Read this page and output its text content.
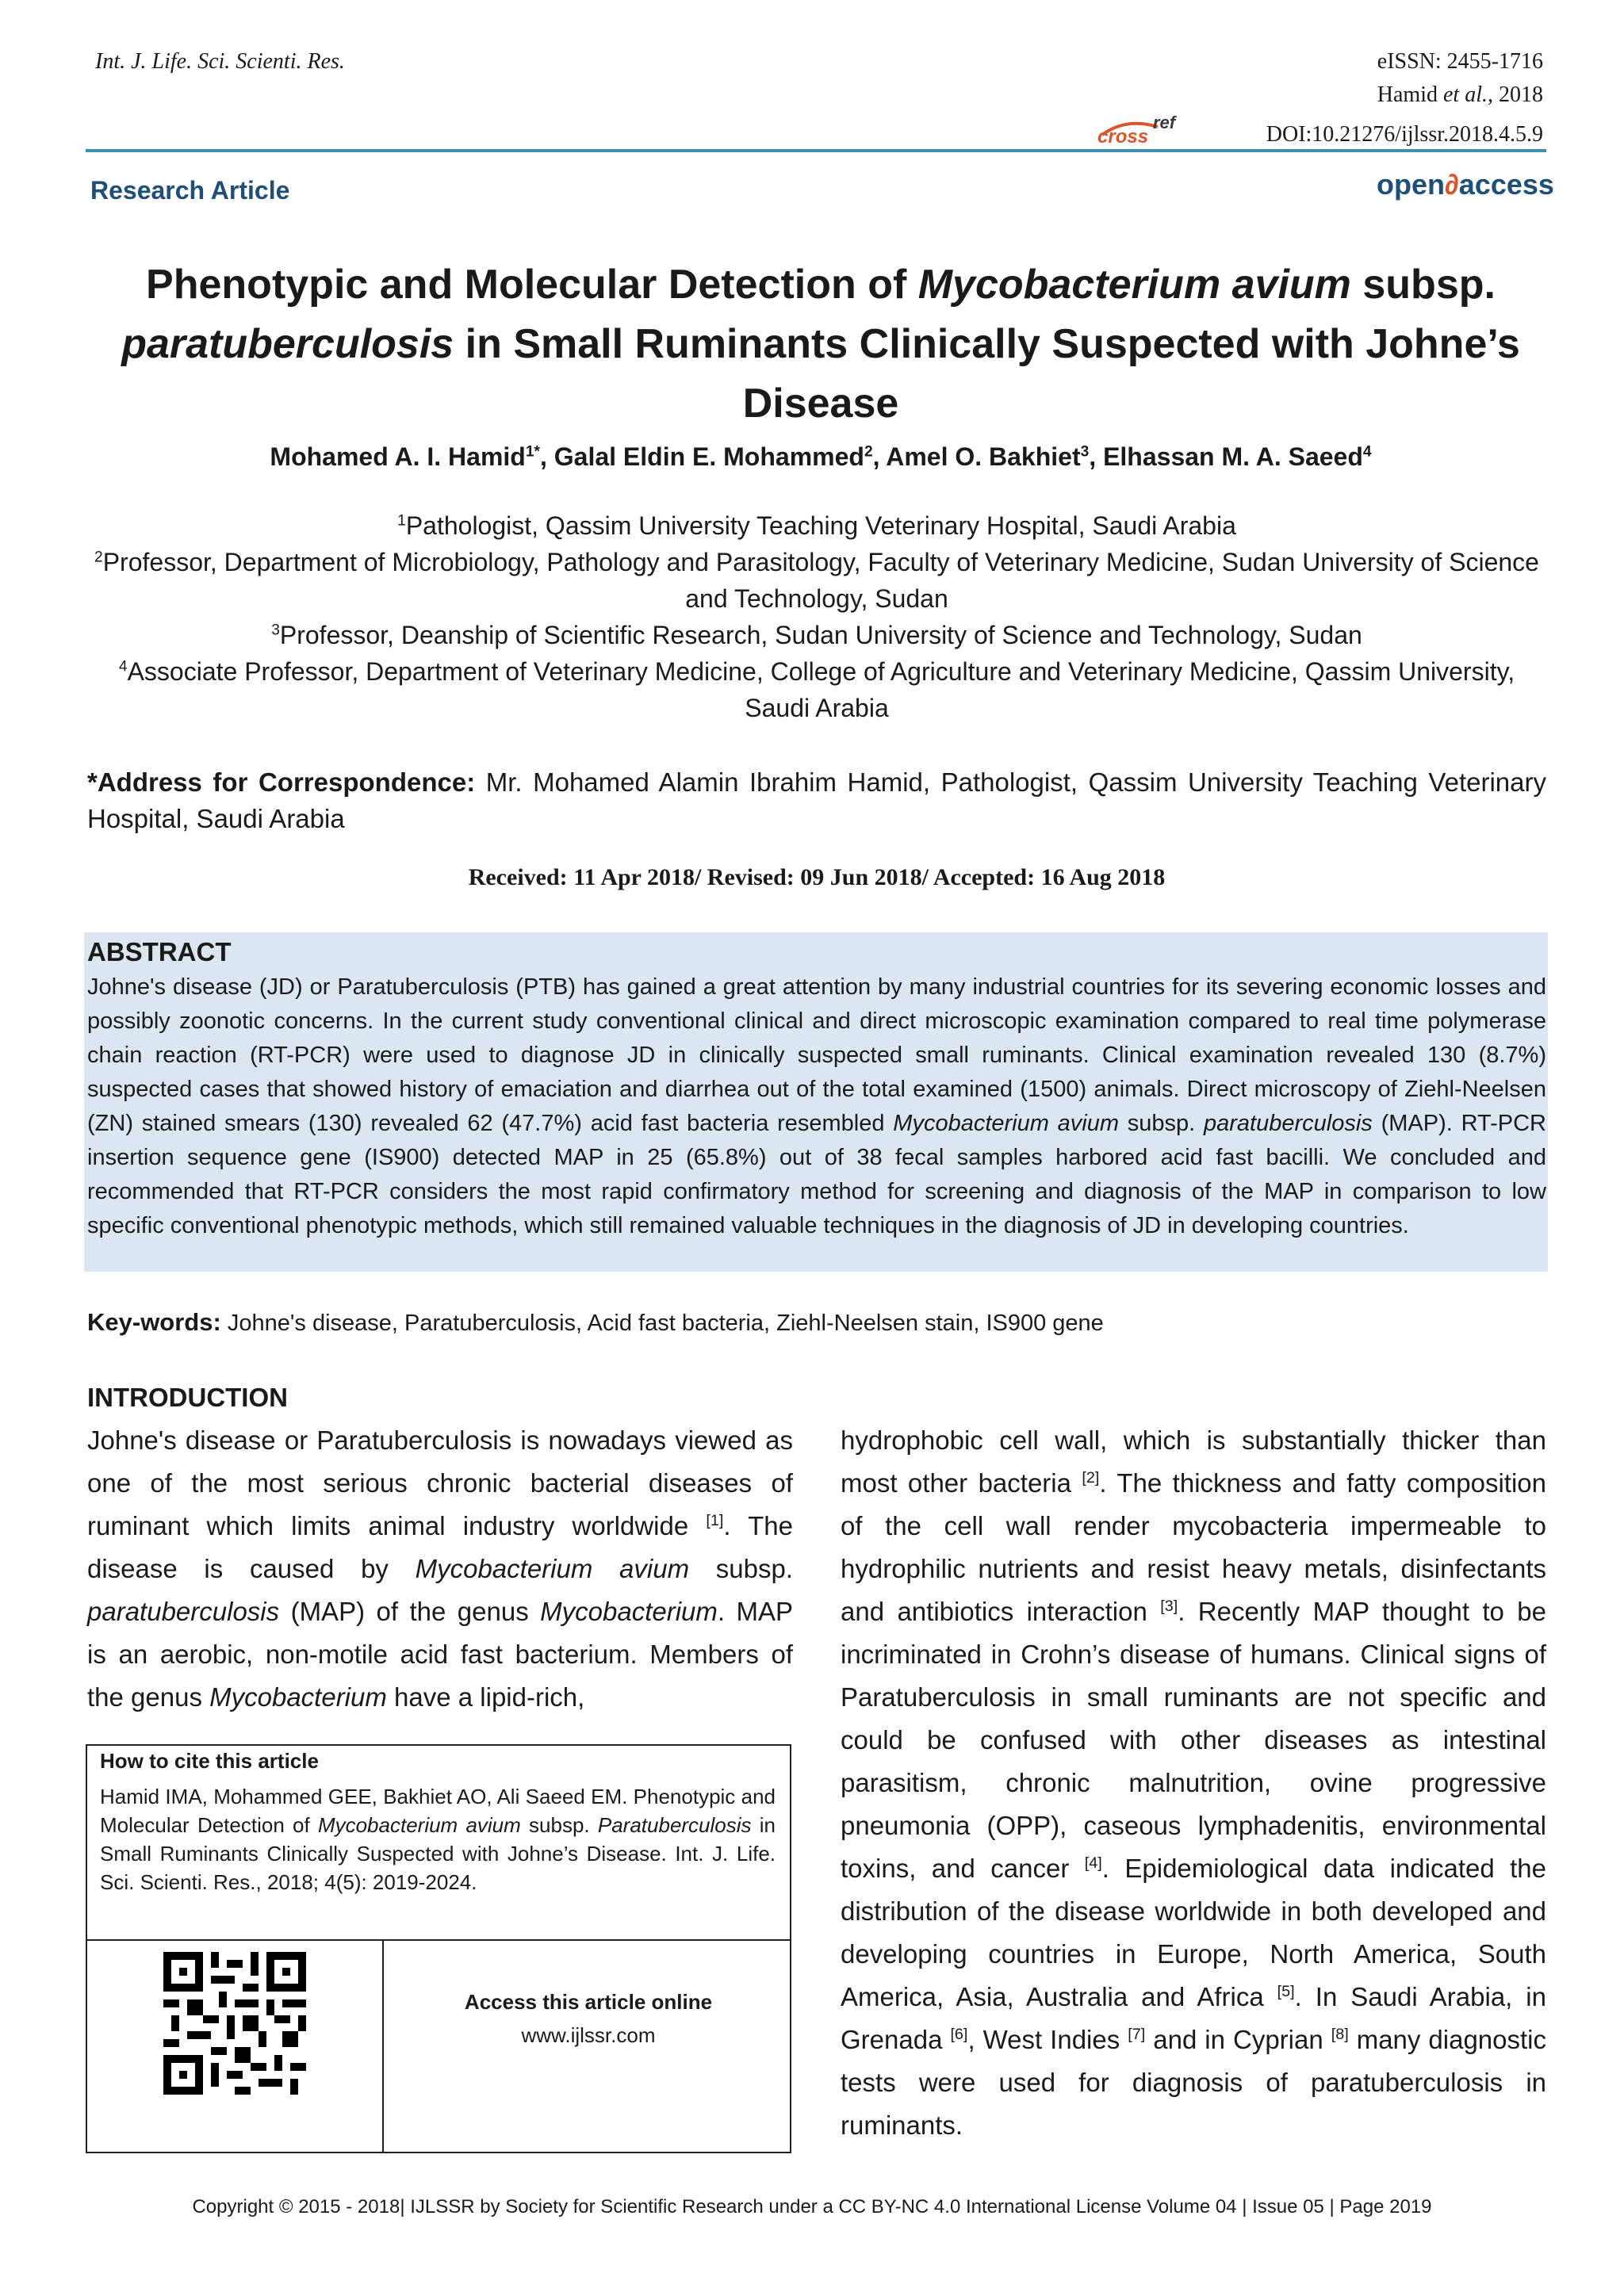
Int. J. Life. Sci. Scienti. Res.	eISSN: 2455-1716
Hamid et al., 2018
cross
ref	DOI:10.21276/ijlssr.2018.4.5.9
Research Article	open∂access
Phenotypic and Molecular Detection of Mycobacterium avium subsp. paratuberculosis in Small Ruminants Clinically Suspected with Johne’s Disease
Mohamed A. I. Hamid$^{1*}$, Galal Eldin E. Mohammed$^2$, Amel O. Bakhiet$^3$, Elhassan M. A. Saeed$^4$
$^1$Pathologist, Qassim University Teaching Veterinary Hospital, Saudi Arabia
$^2$Professor, Department of Microbiology, Pathology and Parasitology, Faculty of Veterinary Medicine, Sudan University of Science and Technology, Sudan
$^3$Professor, Deanship of Scientific Research, Sudan University of Science and Technology, Sudan
$^4$Associate Professor, Department of Veterinary Medicine, College of Agriculture and Veterinary Medicine, Qassim University, Saudi Arabia
*Address for Correspondence: Mr. Mohamed Alamin Ibrahim Hamid, Pathologist, Qassim University Teaching Veterinary Hospital, Saudi Arabia
Received: 11 Apr 2018/ Revised: 09 Jun 2018/ Accepted: 16 Aug 2018
ABSTRACT
Johne's disease (JD) or Paratuberculosis (PTB) has gained a great attention by many industrial countries for its severing economic losses and possibly zoonotic concerns. In the current study conventional clinical and direct microscopic examination compared to real time polymerase chain reaction (RT-PCR) were used to diagnose JD in clinically suspected small ruminants. Clinical examination revealed 130 (8.7%) suspected cases that showed history of emaciation and diarrhea out of the total examined (1500) animals. Direct microscopy of Ziehl-Neelsen (ZN) stained smears (130) revealed 62 (47.7%) acid fast bacteria resembled Mycobacterium avium subsp. paratuberculosis (MAP). RT-PCR insertion sequence gene (IS900) detected MAP in 25 (65.8%) out of 38 fecal samples harbored acid fast bacilli. We concluded and recommended that RT-PCR considers the most rapid confirmatory method for screening and diagnosis of the MAP in comparison to low specific conventional phenotypic methods, which still remained valuable techniques in the diagnosis of JD in developing countries.
Key-words: Johne's disease, Paratuberculosis, Acid fast bacteria, Ziehl-Neelsen stain, IS900 gene
INTRODUCTION
Johne's disease or Paratuberculosis is nowadays viewed as one of the most serious chronic bacterial diseases of ruminant which limits animal industry worldwide [1]. The disease is caused by Mycobacterium avium subsp. paratuberculosis (MAP) of the genus Mycobacterium. MAP is an aerobic, non-motile acid fast bacterium. Members of the genus Mycobacterium have a lipid-rich,
hydrophobic cell wall, which is substantially thicker than most other bacteria [2]. The thickness and fatty composition of the cell wall render mycobacteria impermeable to hydrophilic nutrients and resist heavy metals, disinfectants and antibiotics interaction [3]. Recently MAP thought to be incriminated in Crohn’s disease of humans. Clinical signs of Paratuberculosis in small ruminants are not specific and could be confused with other diseases as intestinal parasitism, chronic malnutrition, ovine progressive pneumonia (OPP), caseous lymphadenitis, environmental toxins, and cancer [4]. Epidemiological data indicated the distribution of the disease worldwide in both developed and developing countries in Europe, North America, South America, Asia, Australia and Africa [5]. In Saudi Arabia, in Grenada [6], West Indies [7] and in Cyprian [8] many diagnostic tests were used for diagnosis of paratuberculosis in ruminants.
How to cite this article
Hamid IMA, Mohammed GEE, Bakhiet AO, Ali Saeed EM. Phenotypic and Molecular Detection of Mycobacterium avium subsp. Paratuberculosis in Small Ruminants Clinically Suspected with Johne’s Disease. Int. J. Life. Sci. Scienti. Res., 2018; 4(5): 2019-2024.
Access this article online
www.ijlssr.com
Copyright © 2015 - 2018| IJLSSR by Society for Scientific Research under a CC BY-NC 4.0 International License Volume 04 | Issue 05 | Page 2019
